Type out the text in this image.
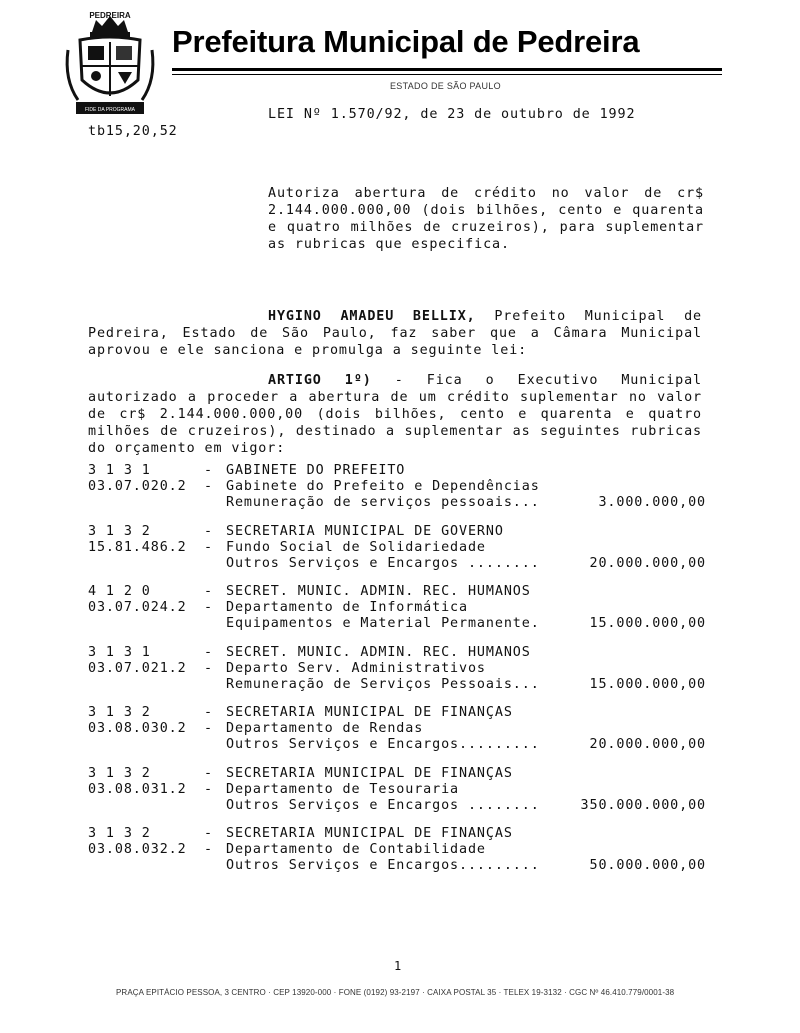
PEDREIRA
FIDE DA PROGRAMA
Prefeitura Municipal de Pedreira
ESTADO DE SÃO PAULO
LEI Nº 1.570/92, de 23 de outubro de 1992
tb15,20,52
Autoriza abertura de crédito no valor de cr$ 2.144.000.000,00 (dois bilhões, cento e quarenta e quatro milhões de cruzeiros), para suplementar as rubricas que especifica.
HYGINO AMADEU BELLIX, Prefeito Municipal de Pedreira, Estado de São Paulo, faz saber que a Câmara Municipal aprovou e ele sanciona e promulga a seguinte lei:
ARTIGO 1º) - Fica o Executivo Municipal autorizado a proceder a abertura de um crédito suplementar no valor de cr$ 2.144.000.000,00 (dois bilhões, cento e quarenta e quatro milhões de cruzeiros), destinado a suplementar as seguintes rubricas do orçamento em vigor:
3 1 3 1	- GABINETE DO PREFEITO
03.07.020.2	- Gabinete do Prefeito e Dependências
Remuneração de serviços pessoais...	3.000.000,00
3 1 3 2	- SECRETARIA MUNICIPAL DE GOVERNO
15.81.486.2	- Fundo Social de Solidariedade
Outros Serviços e Encargos ........	20.000.000,00
4 1 2 0	- SECRET. MUNIC. ADMIN. REC. HUMANOS
03.07.024.2	- Departamento de Informática
Equipamentos e Material Permanente.	15.000.000,00
3 1 3 1	- SECRET. MUNIC. ADMIN. REC. HUMANOS
03.07.021.2	- Departo Serv. Administrativos
Remuneração de Serviços Pessoais...	15.000.000,00
3 1 3 2	- SECRETARIA MUNICIPAL DE FINANÇAS
03.08.030.2	- Departamento de Rendas
Outros Serviços e Encargos.........	20.000.000,00
3 1 3 2	- SECRETARIA MUNICIPAL DE FINANÇAS
03.08.031.2	- Departamento de Tesouraria
Outros Serviços e Encargos ........	350.000.000,00
3 1 3 2	- SECRETARIA MUNICIPAL DE FINANÇAS
03.08.032.2	- Departamento de Contabilidade
Outros Serviços e Encargos.........	50.000.000,00
1
PRAÇA EPITÁCIO PESSOA, 3 CENTRO · CEP 13920-000 · FONE (0192) 93-2197 · CAIXA POSTAL 35 · TELEX 19-3132 · CGC Nº 46.410.779/0001-38
